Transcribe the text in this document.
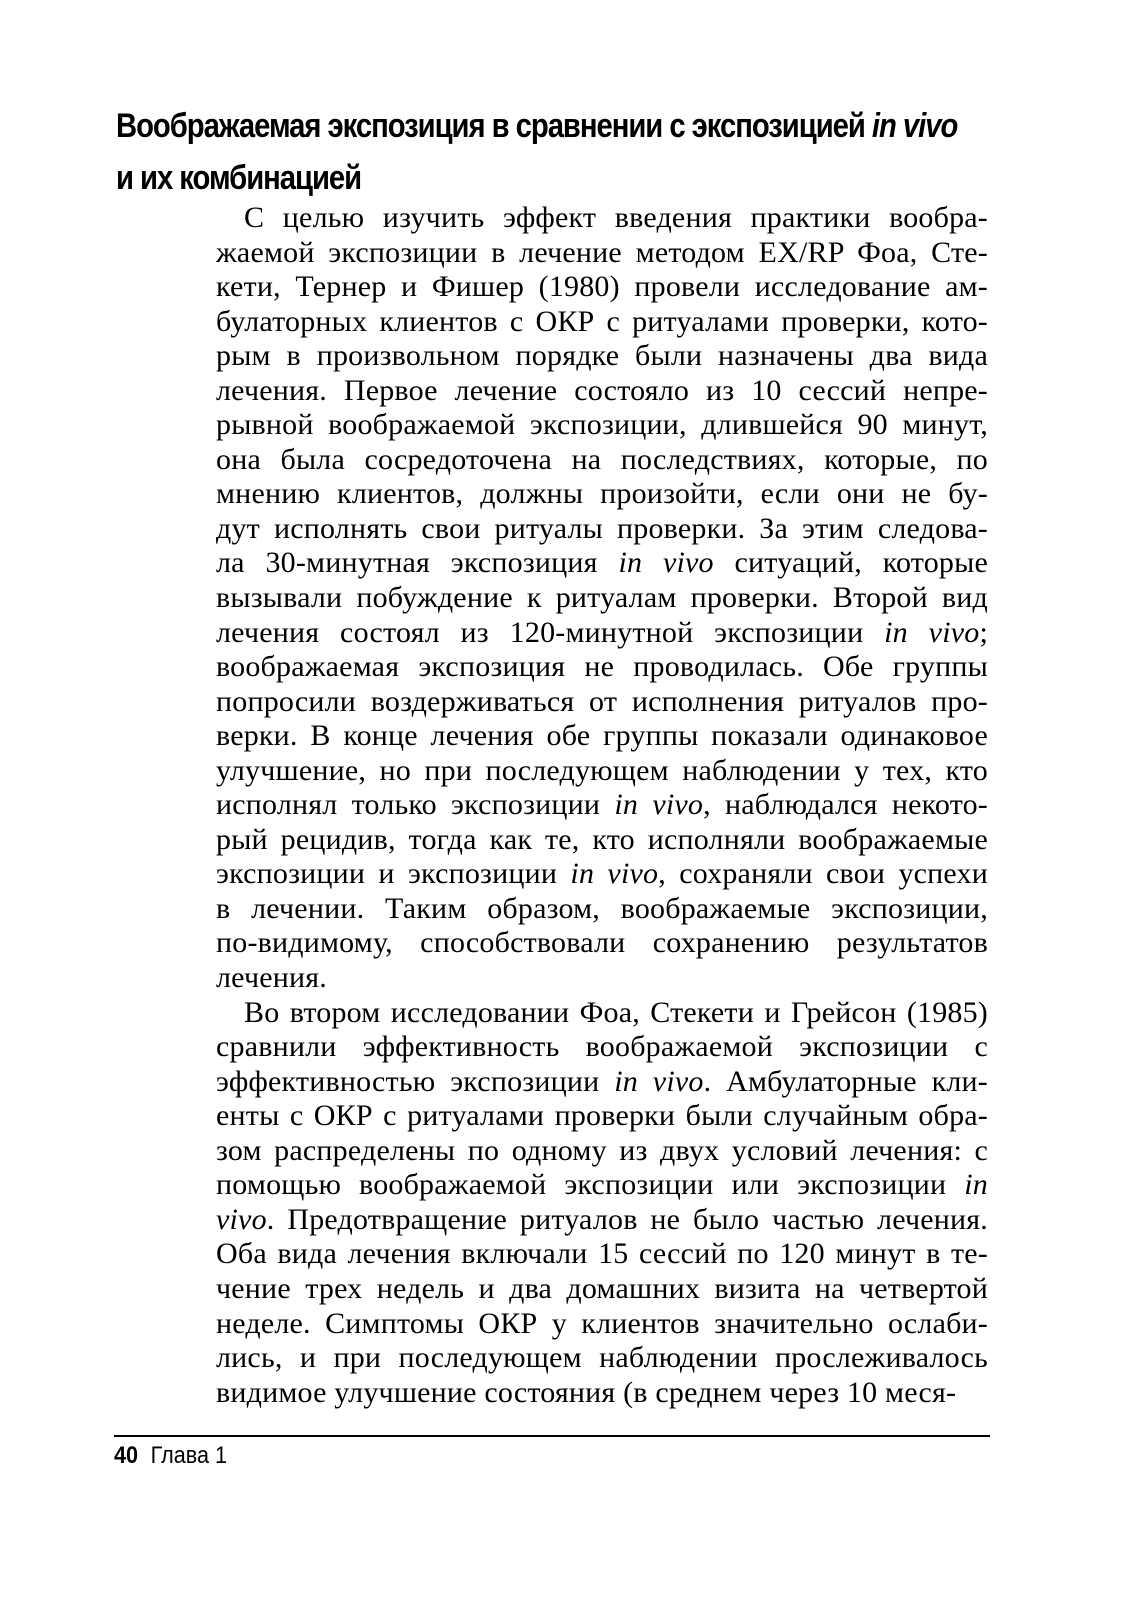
Воображаемая экспозиция в сравнении с экспозицией in vivo
и их комбинацией
С целью изучить эффект введения практики вообра-
жаемой экспозиции в лечение методом EX/RP Фоа, Сте-
кети, Тернер и Фишер (1980) провели исследование ам-
булаторных клиентов с ОКР с ритуалами проверки, кото-
рым в произвольном порядке были назначены два вида
лечения. Первое лечение состояло из 10 сессий непре-
рывной воображаемой экспозиции, длившейся 90 минут,
она была сосредоточена на последствиях, которые, по
мнению клиентов, должны произойти, если они не бу-
дут исполнять свои ритуалы проверки. За этим следова-
ла 30-минутная экспозиция in vivo ситуаций, которые
вызывали побуждение к ритуалам проверки. Второй вид
лечения состоял из 120-минутной экспозиции in vivo;
воображаемая экспозиция не проводилась. Обе группы
попросили воздерживаться от исполнения ритуалов про-
верки. В конце лечения обе группы показали одинаковое
улучшение, но при последующем наблюдении у тех, кто
исполнял только экспозиции in vivo, наблюдался некото-
рый рецидив, тогда как те, кто исполняли воображаемые
экспозиции и экспозиции in vivo, сохраняли свои успехи
в лечении. Таким образом, воображаемые экспозиции,
по-видимому, способствовали сохранению результатов
лечения.
Во втором исследовании Фоа, Стекети и Грейсон (1985)
сравнили эффективность воображаемой экспозиции с
эффективностью экспозиции in vivo. Амбулаторные кли-
енты с ОКР с ритуалами проверки были случайным обра-
зом распределены по одному из двух условий лечения: с
помощью воображаемой экспозиции или экспозиции in
vivo. Предотвращение ритуалов не было частью лечения.
Оба вида лечения включали 15 сессий по 120 минут в те-
чение трех недель и два домашних визита на четвертой
неделе. Симптомы ОКР у клиентов значительно ослаби-
лись, и при последующем наблюдении прослеживалось
видимое улучшение состояния (в среднем через 10 меся-
40 Глава 1
